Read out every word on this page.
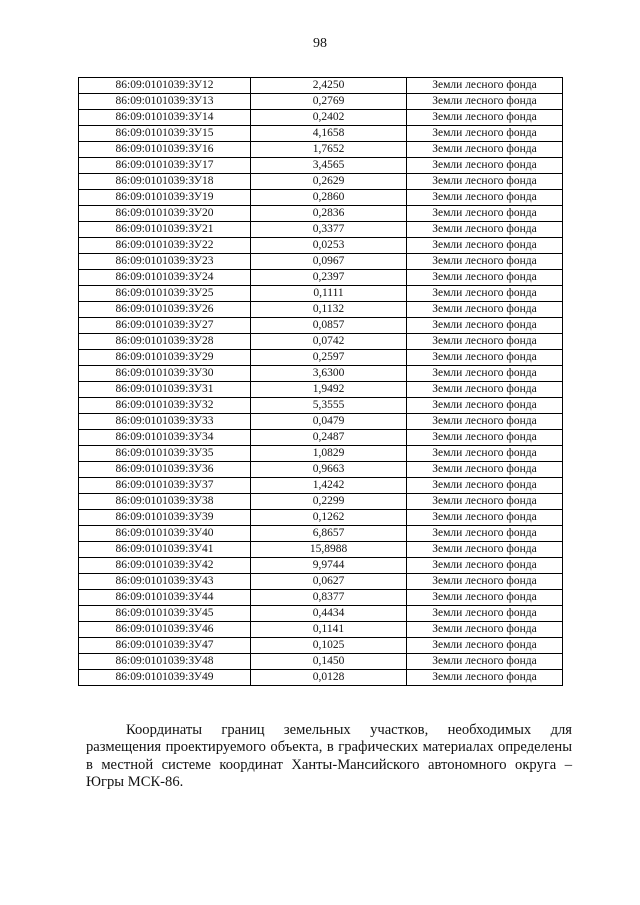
98
86:09:0101039:ЗУ12	2,4250	Земли лесного фонда
86:09:0101039:ЗУ13	0,2769	Земли лесного фонда
86:09:0101039:ЗУ14	0,2402	Земли лесного фонда
86:09:0101039:ЗУ15	4,1658	Земли лесного фонда
86:09:0101039:ЗУ16	1,7652	Земли лесного фонда
86:09:0101039:ЗУ17	3,4565	Земли лесного фонда
86:09:0101039:ЗУ18	0,2629	Земли лесного фонда
86:09:0101039:ЗУ19	0,2860	Земли лесного фонда
86:09:0101039:ЗУ20	0,2836	Земли лесного фонда
86:09:0101039:ЗУ21	0,3377	Земли лесного фонда
86:09:0101039:ЗУ22	0,0253	Земли лесного фонда
86:09:0101039:ЗУ23	0,0967	Земли лесного фонда
86:09:0101039:ЗУ24	0,2397	Земли лесного фонда
86:09:0101039:ЗУ25	0,1111	Земли лесного фонда
86:09:0101039:ЗУ26	0,1132	Земли лесного фонда
86:09:0101039:ЗУ27	0,0857	Земли лесного фонда
86:09:0101039:ЗУ28	0,0742	Земли лесного фонда
86:09:0101039:ЗУ29	0,2597	Земли лесного фонда
86:09:0101039:ЗУ30	3,6300	Земли лесного фонда
86:09:0101039:ЗУ31	1,9492	Земли лесного фонда
86:09:0101039:ЗУ32	5,3555	Земли лесного фонда
86:09:0101039:ЗУ33	0,0479	Земли лесного фонда
86:09:0101039:ЗУ34	0,2487	Земли лесного фонда
86:09:0101039:ЗУ35	1,0829	Земли лесного фонда
86:09:0101039:ЗУ36	0,9663	Земли лесного фонда
86:09:0101039:ЗУ37	1,4242	Земли лесного фонда
86:09:0101039:ЗУ38	0,2299	Земли лесного фонда
86:09:0101039:ЗУ39	0,1262	Земли лесного фонда
86:09:0101039:ЗУ40	6,8657	Земли лесного фонда
86:09:0101039:ЗУ41	15,8988	Земли лесного фонда
86:09:0101039:ЗУ42	9,9744	Земли лесного фонда
86:09:0101039:ЗУ43	0,0627	Земли лесного фонда
86:09:0101039:ЗУ44	0,8377	Земли лесного фонда
86:09:0101039:ЗУ45	0,4434	Земли лесного фонда
86:09:0101039:ЗУ46	0,1141	Земли лесного фонда
86:09:0101039:ЗУ47	0,1025	Земли лесного фонда
86:09:0101039:ЗУ48	0,1450	Земли лесного фонда
86:09:0101039:ЗУ49	0,0128	Земли лесного фонда

Координаты границ земельных участков, необходимых для размещения проектируемого объекта, в графических материалах определены в местной системе координат Ханты-Мансийского автономного округа – Югры МСК-86.
